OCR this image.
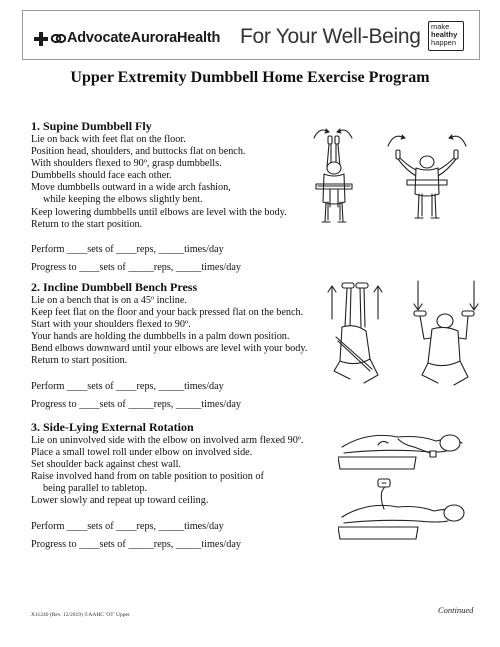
AdvocateAuroraHealth For Your Well-Being make
healthy
happen
Upper Extremity Dumbbell Home Exercise Program
1. Supine Dumbbell Fly
Lie on back with feet flat on the floor.
Position head, shoulders, and buttocks flat on bench.
With shoulders flexed to 90º, grasp dumbbells.
Dumbbells should face each other.
Move dumbbells outward in a wide arch fashion,
while keeping the elbows slightly bent.
Keep lowering dumbbells until elbows are level with the body.
Return to the start position.
Perform ____sets of ____reps, _____times/day
Progress to ____sets of _____reps, _____times/day
2. Incline Dumbbell Bench Press
Lie on a bench that is on a 45º incline.
Keep feet flat on the floor and your back pressed flat on the bench.
Start with your shoulders flexed to 90º.
Your hands are holding the dumbbells in a palm down position.
Bend elbows downward until your elbows are level with your body.
Return to start position.
Perform ____sets of ____reps, _____times/day
Progress to ____sets of _____reps, _____times/day
3. Side-Lying External Rotation
Lie on uninvolved side with the elbow on involved arm flexed 90º.
Place a small towel roll under elbow on involved side.
Set shoulder back against chest wall.
Raise involved hand from on table position to position of
being parallel to tabletop.
Lower slowly and repeat up toward ceiling.
Perform ____sets of ____reps, _____times/day
Progress to ____sets of _____reps, _____times/day
X11240 (Rev. 12/2019) ©AAHC 'OT' Upper	Continued
